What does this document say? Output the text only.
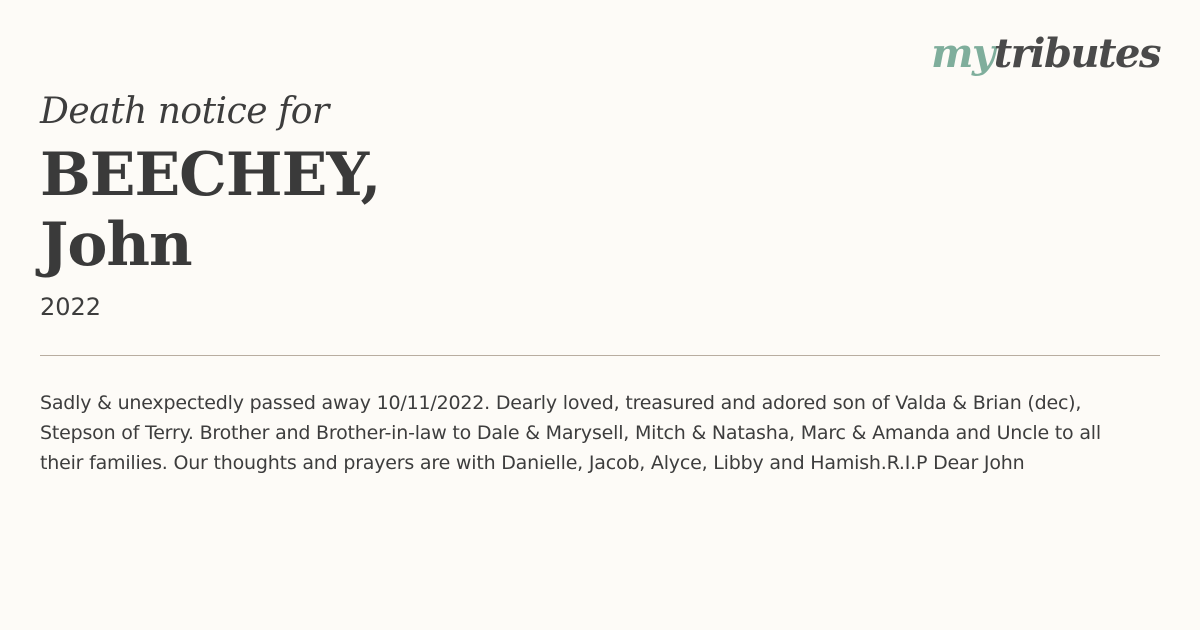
mytributes
Death notice for
BEECHEY,
John
2022
Sadly & unexpectedly passed away 10/11/2022. Dearly loved, treasured and adored son of Valda & Brian (dec), Stepson of Terry. Brother and Brother-in-law to Dale & Marysell, Mitch & Natasha, Marc & Amanda and Uncle to all their families. Our thoughts and prayers are with Danielle, Jacob, Alyce, Libby and Hamish.R.I.P Dear John
